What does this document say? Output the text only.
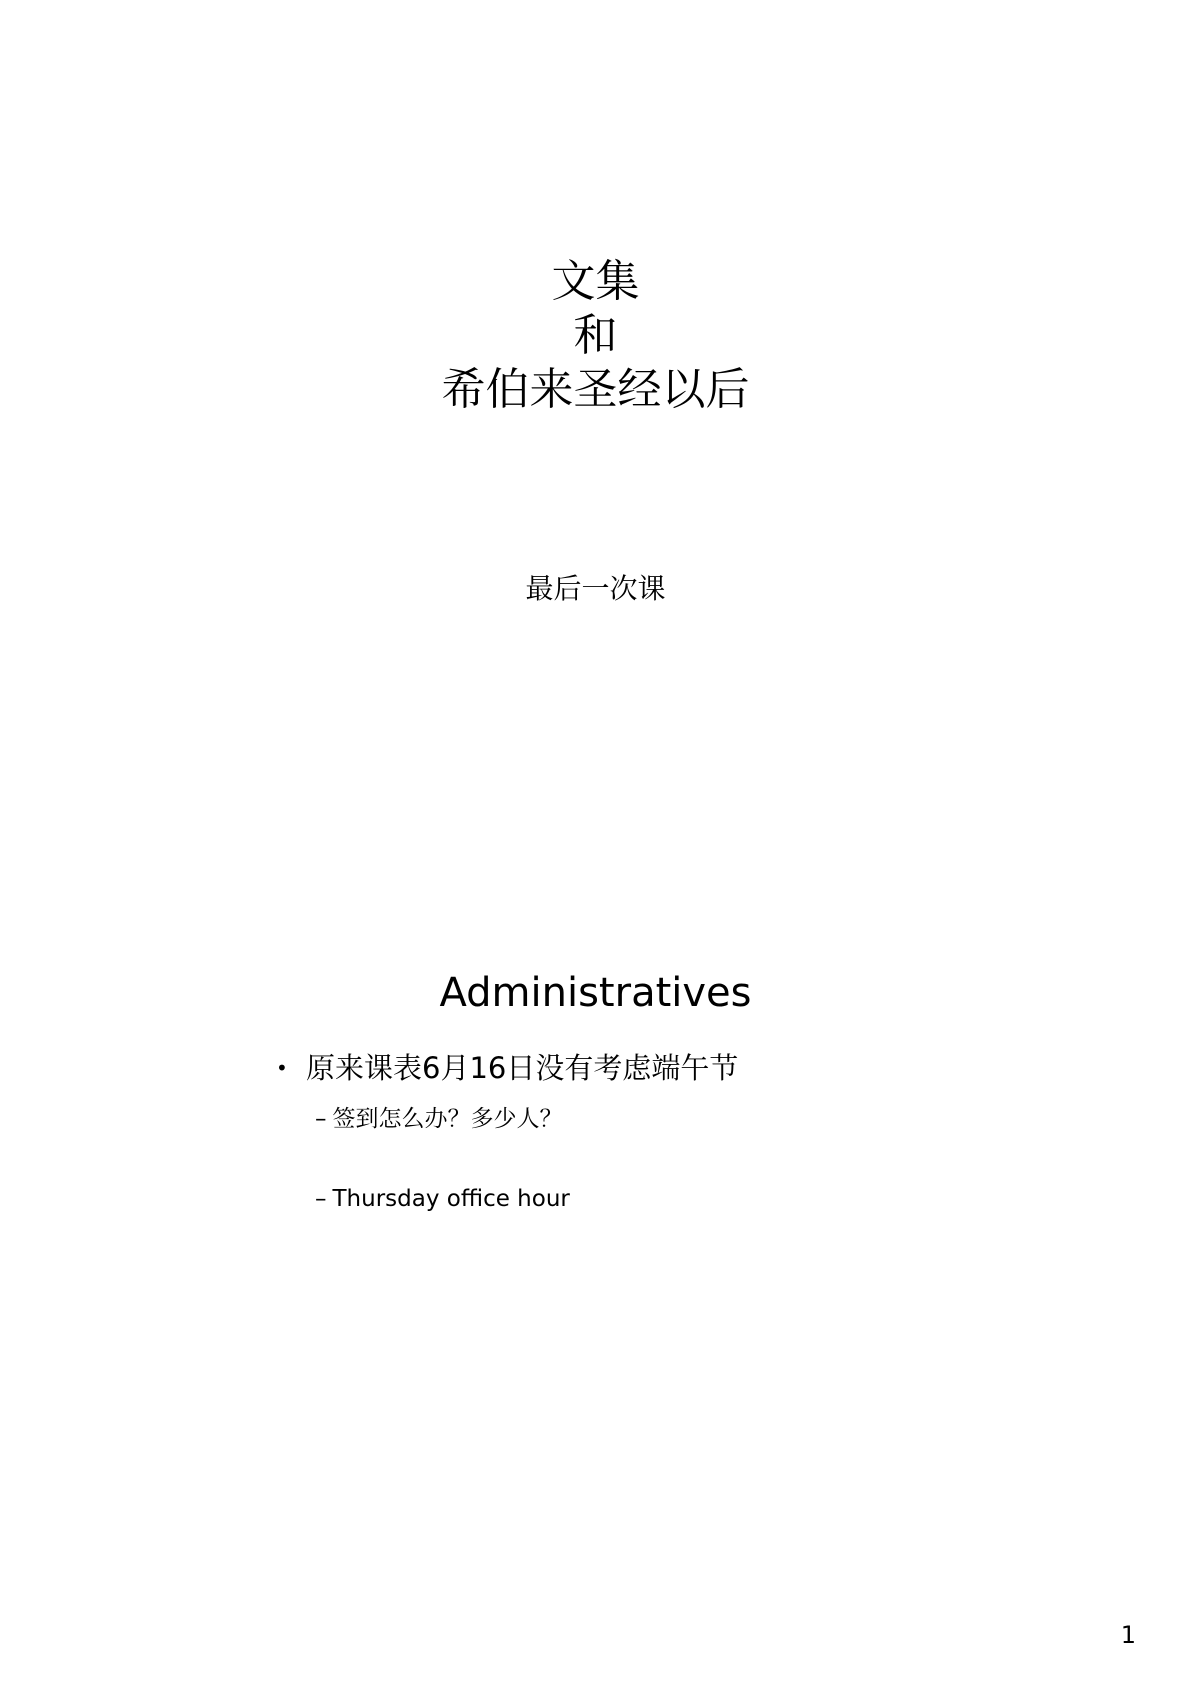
文集
和
希伯来圣经以后
最后一次课
Administratives
• 原来课表6月16日没有考虑端午节
– 签到怎么办？多少人？
– Thursday office hour
1
